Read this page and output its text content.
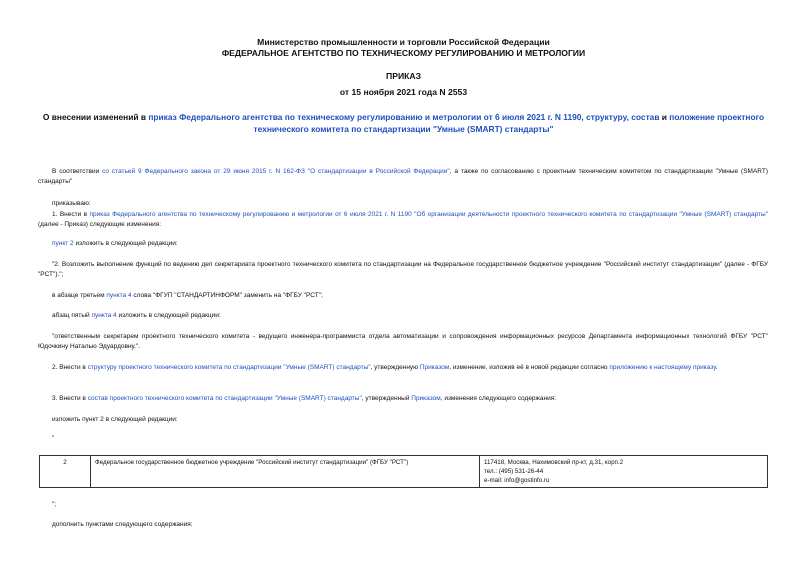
Министерство промышленности и торговли Российской Федерации
ФЕДЕРАЛЬНОЕ АГЕНТСТВО ПО ТЕХНИЧЕСКОМУ РЕГУЛИРОВАНИЮ И МЕТРОЛОГИИ
ПРИКАЗ
от 15 ноября 2021 года N 2553
О внесении изменений в приказ Федерального агентства по техническому регулированию и метрологии от 6 июля 2021 г. N 1190, структуру, состав и положение проектного технического комитета по стандартизации "Умные (SMART) стандарты"
В соответствии со статьей 9 Федерального закона от 29 июня 2015 г. N 162-ФЗ "О стандартизации в Российской Федерации", а также по согласованию с проектным техническим комитетом по стандартизации "Умные (SMART) стандарты"
приказываю:
1. Внести в приказ Федерального агентства по техническому регулированию и метрологии от 6 июля 2021 г. N 1190 "Об организации деятельности проектного технического комитета по стандартизации "Умные (SMART) стандарты" (далее - Приказ) следующие изменения:
пункт 2 изложить в следующей редакции:
"2. Возложить выполнение функций по ведению деп секретариата проектного технического комитета по стандартизации на Федеральное государственное бюджетное учреждение "Российский институт стандартизации" (далее - ФГБУ "РСТ").";
в абзаце третьем пункта 4 слова "ФГУП "СТАНДАРТИНФОРМ" заменить на "ФГБУ "РСТ";
абзац пятый пункта 4 изложить в следующей редакции:
"ответственным секретарем проектного технического комитета - ведущего инженера-программиста отдела автоматизации и сопровождения информационных ресурсов Департамента информационных технологий ФГБУ "РСТ" Юдочкину Наталью Эдуардовну.".
2. Внести в структуру проектного технического комитета по стандартизации "Умные (SMART) стандарты", утвержденную Приказом, изменение, изложив её в новой редакции согласно приложению к настоящему приказу.
3. Внести в состав проектного технического комитета по стандартизации "Умные (SMART) стандарты", утвержденный Приказом, изменения следующего содержания:
изложить пункт 2 в следующей редакции:
"
2	Федеральное государственное бюджетное учреждение "Российский институт стандартизации" (ФГБУ "РСТ")	117418, Москва, Нахимовский пр-кт, д.31, корп.2
тел.: (495) 531-26-44
e-mail: info@gostinfo.ru
";
дополнить пунктами следующего содержания:
